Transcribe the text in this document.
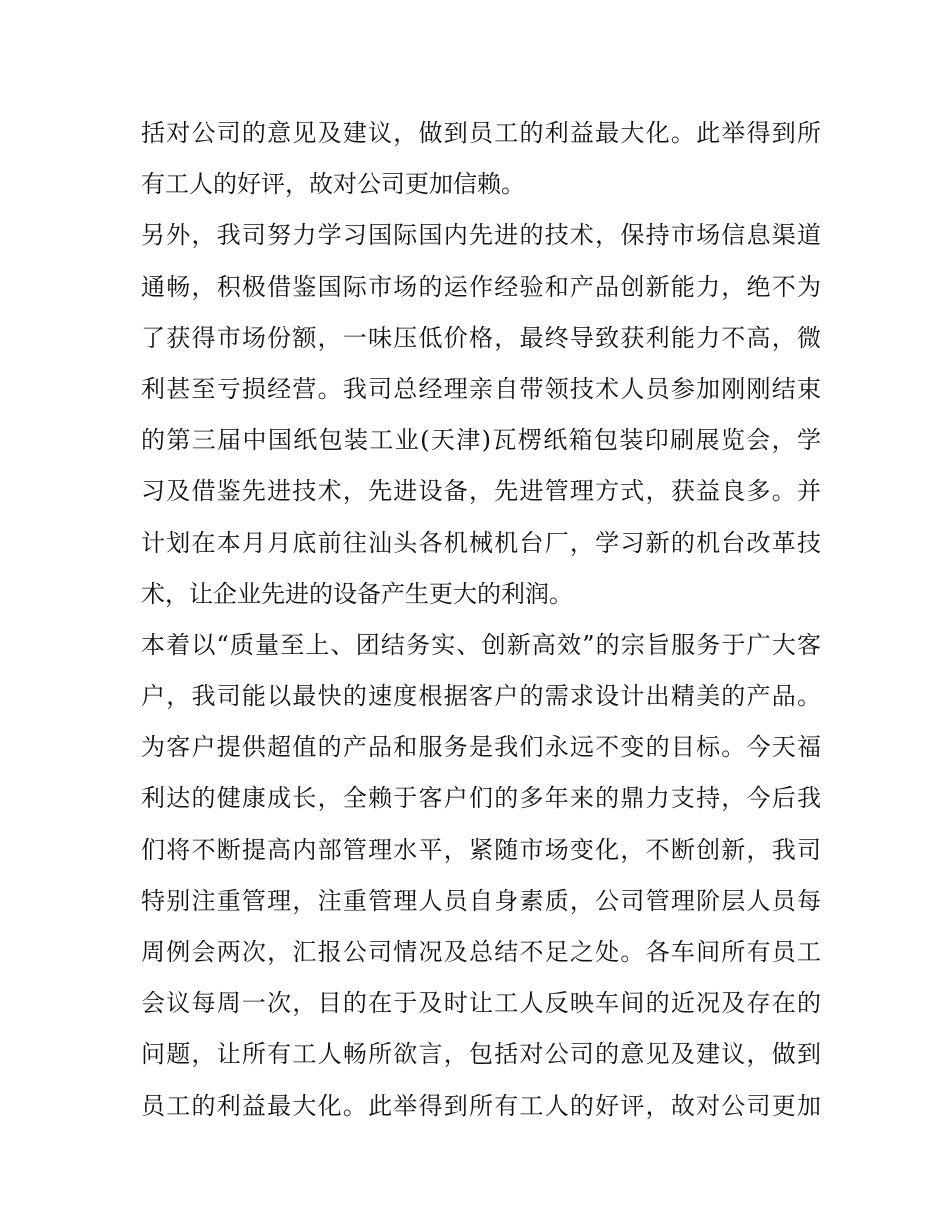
括对公司的意见及建议，做到员工的利益最大化。此举得到所
有工人的好评，故对公司更加信赖。
另外，我司努力学习国际国内先进的技术，保持市场信息渠道
通畅，积极借鉴国际市场的运作经验和产品创新能力，绝不为
了获得市场份额，一味压低价格，最终导致获利能力不高，微
利甚至亏损经营。我司总经理亲自带领技术人员参加刚刚结束
的第三届中国纸包装工业(天津)瓦楞纸箱包装印刷展览会，学
习及借鉴先进技术，先进设备，先进管理方式，获益良多。并
计划在本月月底前往汕头各机械机台厂，学习新的机台改革技
术，让企业先进的设备产生更大的利润。
本着以“质量至上、团结务实、创新高效”的宗旨服务于广大客
户，我司能以最快的速度根据客户的需求设计出精美的产品。
为客户提供超值的产品和服务是我们永远不变的目标。今天福
利达的健康成长，全赖于客户们的多年来的鼎力支持，今后我
们将不断提高内部管理水平，紧随市场变化，不断创新，我司
特别注重管理，注重管理人员自身素质，公司管理阶层人员每
周例会两次，汇报公司情况及总结不足之处。各车间所有员工
会议每周一次，目的在于及时让工人反映车间的近况及存在的
问题，让所有工人畅所欲言，包括对公司的意见及建议，做到
员工的利益最大化。此举得到所有工人的好评，故对公司更加
